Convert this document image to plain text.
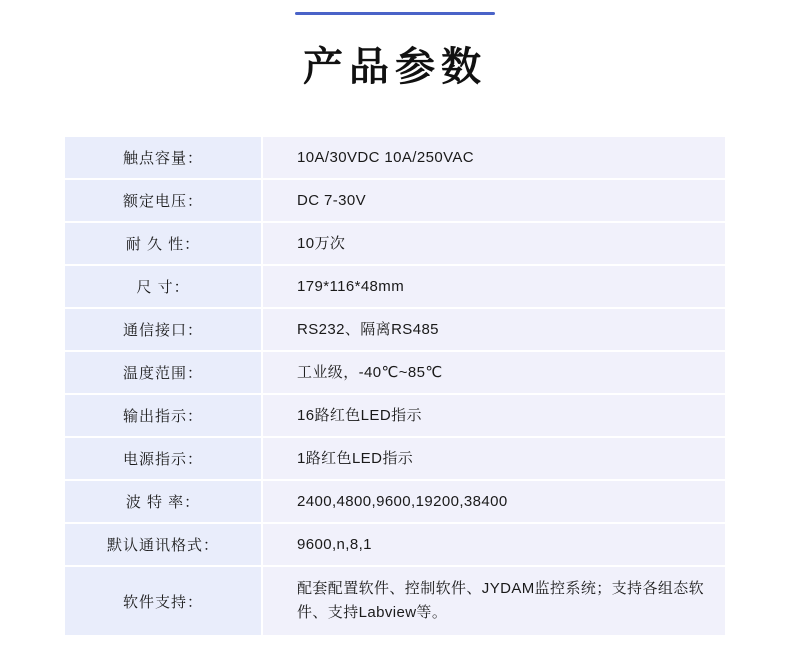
产品参数
触点容量：	10A/30VDC 10A/250VAC
额定电压：	DC 7-30V
耐 久 性：	10万次
尺 寸：	179*116*48mm
通信接口：	RS232、隔离RS485
温度范围：	工业级，-40℃~85℃
输出指示：	16路红色LED指示
电源指示：	1路红色LED指示
波 特 率：	2400,4800,9600,19200,38400
默认通讯格式：	9600,n,8,1
软件支持：	配套配置软件、控制软件、JYDAM监控系统；支持各组态软件、支持Labview等。
